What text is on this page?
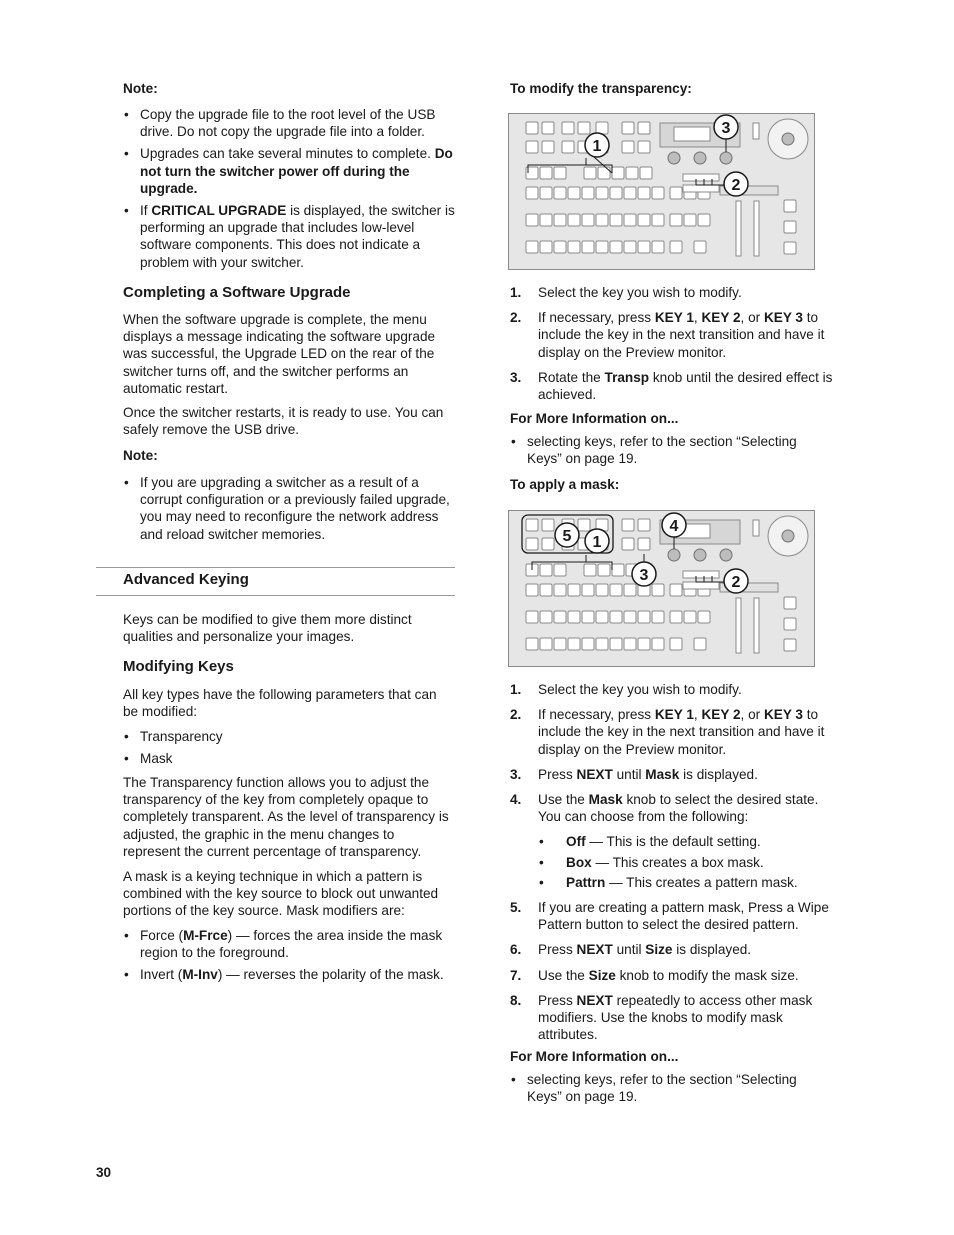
Note:
• Copy the upgrade file to the root level of the USB drive. Do not copy the upgrade file into a folder.
• Upgrades can take several minutes to complete. Do not turn the switcher power off during the upgrade.
• If CRITICAL UPGRADE is displayed, the switcher is performing an upgrade that includes low-level software components. This does not indicate a problem with your switcher.
Completing a Software Upgrade

When the software upgrade is complete, the menu displays a message indicating the software upgrade was successful, the Upgrade LED on the rear of the switcher turns off, and the switcher performs an automatic restart.

Once the switcher restarts, it is ready to use. You can safely remove the USB drive.

Note:
• If you are upgrading a switcher as a result of a corrupt configuration or a previously failed upgrade, you may need to reconfigure the network address and reload switcher memories.
Advanced Keying

Keys can be modified to give them more distinct qualities and personalize your images.

Modifying Keys

All key types have the following parameters that can be modified:

• Transparency
• Mask

The Transparency function allows you to adjust the transparency of the key from completely opaque to completely transparent. As the level of transparency is adjusted, the graphic in the menu changes to represent the current percentage of transparency.

A mask is a keying technique in which a pattern is combined with the key source to block out unwanted portions of the key source. Mask modifiers are:

• Force (M-Frce) — forces the area inside the mask region to the foreground.
• Invert (M-Inv) — reverses the polarity of the mask.
30
To modify the transparency:
1
2
3
1. Select the key you wish to modify.
2. If necessary, press KEY 1, KEY 2, or KEY 3 to include the key in the next transition and have it display on the Preview monitor.
3. Rotate the Transp knob until the desired effect is achieved.
For More Information on...
• selecting keys, refer to the section “Selecting Keys” on page 19.
To apply a mask:
5 1
3
4
2
1. Select the key you wish to modify.
2. If necessary, press KEY 1, KEY 2, or KEY 3 to include the key in the next transition and have it display on the Preview monitor.
3. Press NEXT until Mask is displayed.
4. Use the Mask knob to select the desired state. You can choose from the following:
• Off — This is the default setting.
• Box — This creates a box mask.
• Pattrn — This creates a pattern mask.
5. If you are creating a pattern mask, Press a Wipe Pattern button to select the desired pattern.
6. Press NEXT until Size is displayed.
7. Use the Size knob to modify the mask size.
8. Press NEXT repeatedly to access other mask modifiers. Use the knobs to modify mask attributes.
For More Information on...
• selecting keys, refer to the section “Selecting Keys” on page 19.
